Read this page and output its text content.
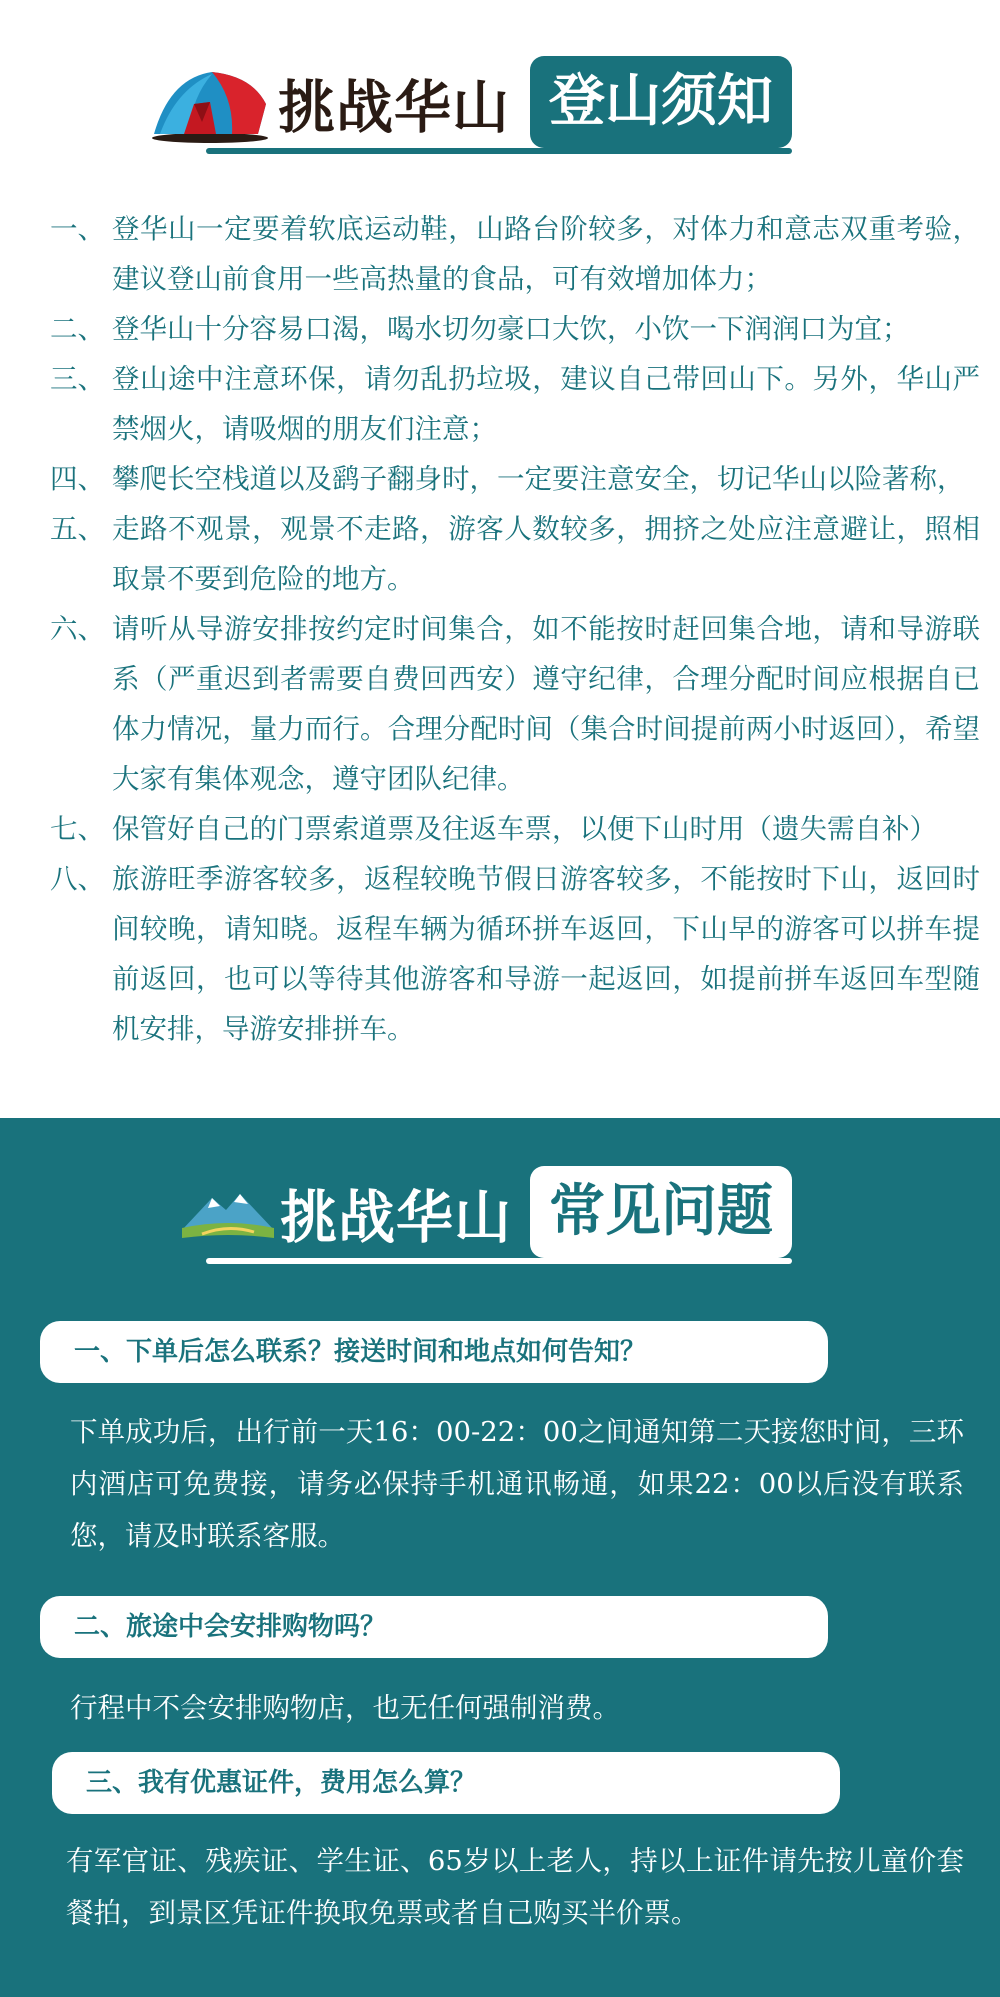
挑战华山 登山须知
一、 登华山一定要着软底运动鞋，山路台阶较多，对体力和意志双重考验，建议登山前食用一些高热量的食品，可有效增加体力；
二、 登华山十分容易口渴，喝水切勿豪口大饮，小饮一下润润口为宜；
三、 登山途中注意环保，请勿乱扔垃圾，建议自己带回山下。另外，华山严禁烟火，请吸烟的朋友们注意；
四、 攀爬长空栈道以及鹞子翻身时，一定要注意安全，切记华山以险著称，
五、 走路不观景，观景不走路，游客人数较多，拥挤之处应注意避让，照相取景不要到危险的地方。
六、 请听从导游安排按约定时间集合，如不能按时赶回集合地，请和导游联系（严重迟到者需要自费回西安）遵守纪律，合理分配时间应根据自已体力情况，量力而行。合理分配时间（集合时间提前两小时返回），希望大家有集体观念，遵守团队纪律。
七、 保管好自己的门票索道票及往返车票，以便下山时用（遗失需自补）
八、 旅游旺季游客较多，返程较晚节假日游客较多，不能按时下山，返回时间较晚，请知晓。返程车辆为循环拼车返回，下山早的游客可以拼车提前返回，也可以等待其他游客和导游一起返回，如提前拼车返回车型随机安排，导游安排拼车。
挑战华山 常见问题
一、下单后怎么联系？接送时间和地点如何告知？
下单成功后，出行前一天16：00-22：00之间通知第二天接您时间，三环内酒店可免费接，请务必保持手机通讯畅通，如果22：00以后没有联系您，请及时联系客服。
二、旅途中会安排购物吗？
行程中不会安排购物店，也无任何强制消费。
三、我有优惠证件，费用怎么算？
有军官证、残疾证、学生证、65岁以上老人，持以上证件请先按儿童价套餐拍，到景区凭证件换取免票或者自己购买半价票。
